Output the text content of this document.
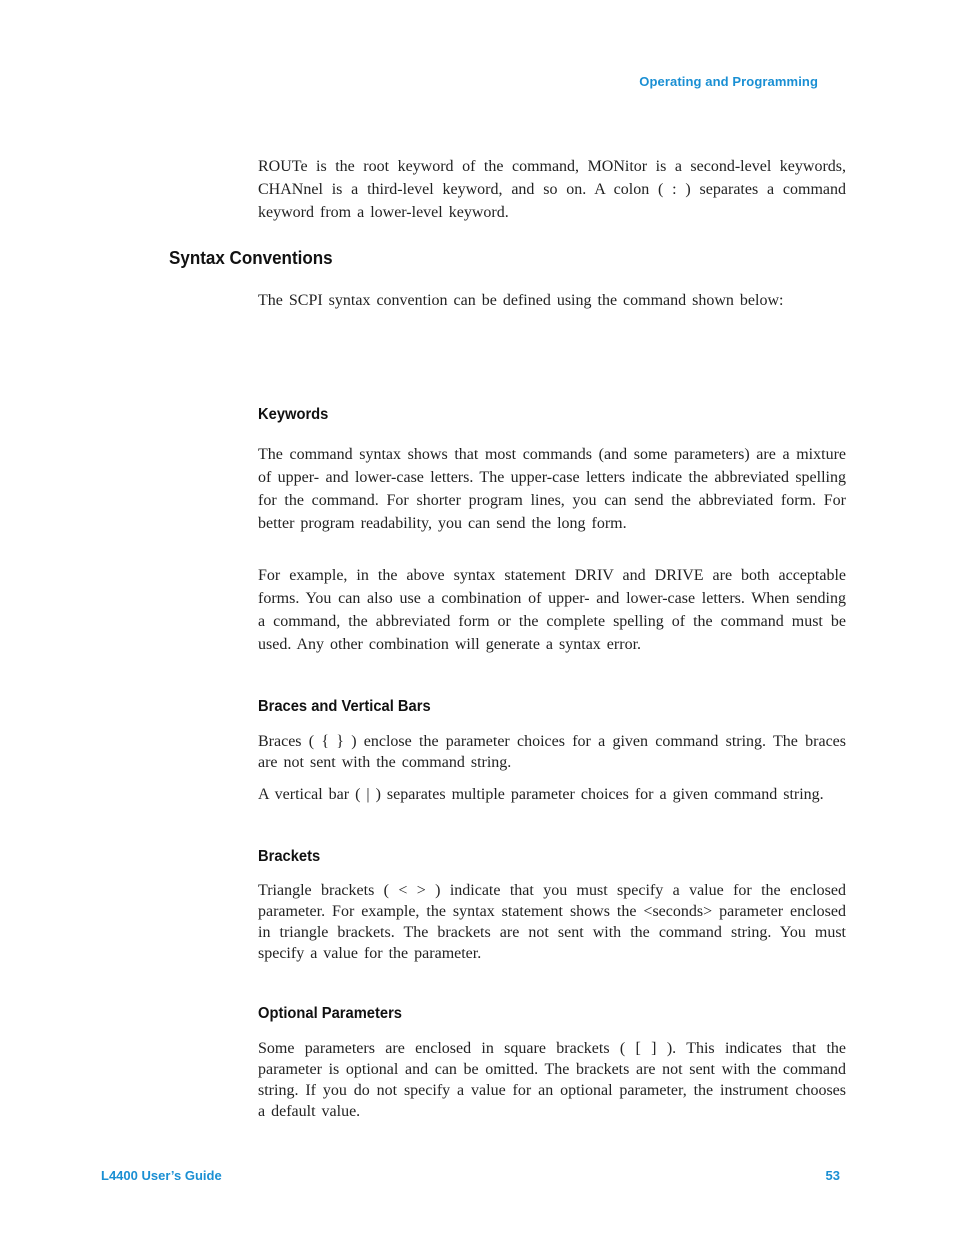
Operating and Programming

ROUTe is the root keyword of the command, MONitor is a second-level keywords, CHANnel is a third-level keyword, and so on. A colon ( : ) separates a command keyword from a lower-level keyword.

Syntax Conventions

The SCPI syntax convention can be defined using the command shown below:

Keywords

The command syntax shows that most commands (and some parameters) are a mixture of upper- and lower-case letters. The upper-case letters indicate the abbreviated spelling for the command. For shorter program lines, you can send the abbreviated form. For better program readability, you can send the long form.

For example, in the above syntax statement DRIV and DRIVE are both acceptable forms. You can also use a combination of upper- and lower-case letters. When sending a command, the abbreviated form or the complete spelling of the command must be used. Any other combination will generate a syntax error.

Braces and Vertical Bars

Braces ( { } ) enclose the parameter choices for a given command string. The braces are not sent with the command string.

A vertical bar ( | ) separates multiple parameter choices for a given command string.

Brackets

Triangle brackets ( < > ) indicate that you must specify a value for the enclosed parameter. For example, the syntax statement shows the <seconds> parameter enclosed in triangle brackets. The brackets are not sent with the command string. You must specify a value for the parameter.

Optional Parameters

Some parameters are enclosed in square brackets ( [ ] ). This indicates that the parameter is optional and can be omitted. The brackets are not sent with the command string. If you do not specify a value for an optional parameter, the instrument chooses a default value.

L4400 User’s Guide	53
